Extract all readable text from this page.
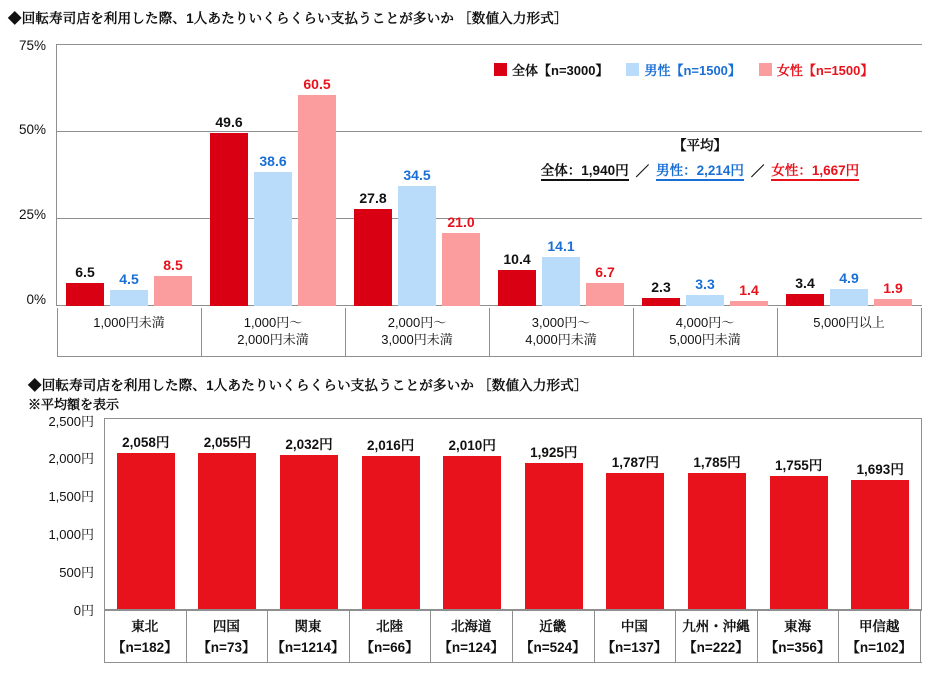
◆回転寿司店を利用した際、1人あたりいくらくらい支払うことが多いか ［数値入力形式］
75%
50%
25%
0%
6.5	4.5
8.5
49.6
38.6
60.5
27.8
34.5
21.0
10.4
14.1
6.7
2.3	3.3	1.4	3.4	4.9
1.9
全体【n=3000】	男性【n=1500】	女性【n=1500】
【平均】
全体：1,940円 ／ 男性：2,214円 ／ 女性：1,667円
1,000円未満	1,000円～
2,000円未満
2,000円～
3,000円未満
3,000円～
4,000円未満
4,000円～
5,000円未満
5,000円以上
◆回転寿司店を利用した際、1人あたりいくらくらい支払うことが多いか ［数値入力形式］
※平均額を表示
2,500円
2,000円
1,500円
1,000円
500円
0円
2,058円	2,055円	2,032円	2,016円	2,010円	1,925円
1,787円	1,785円	1,755円	1,693円
東北
【n=182】
四国
【n=73】
関東
【n=1214】
北陸
【n=66】
北海道
【n=124】
近畿
【n=524】
中国
【n=137】
九州・沖縄
【n=222】
東海
【n=356】
甲信越
【n=102】
